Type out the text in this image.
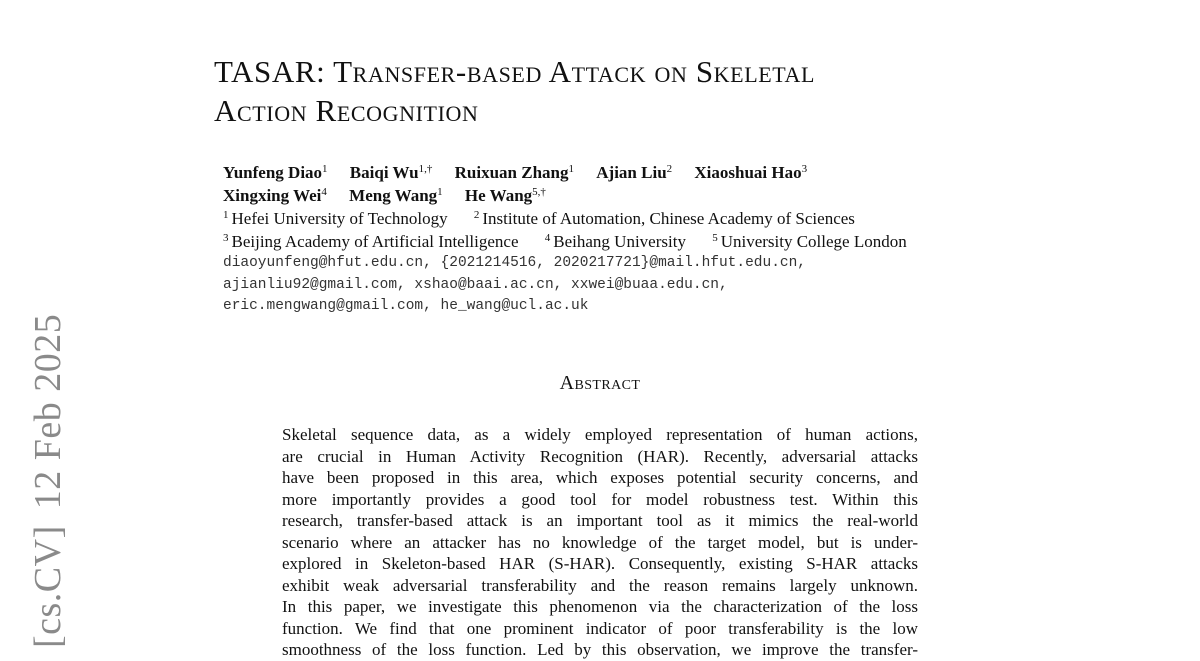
[cs.CV]12 Feb 2025
TASAR: Transfer-based Attack on Skeletal
Action Recognition
Yunfeng Diao$^1$ Baiqi $Wu^{1,\dagger}$ Ruixuan Zhang$^1$ Ajian Liu$^2$ Xiaoshuai Hao$^3$
Xingxing Wei$^4$ Meng Wang$^1$ He Wang$^{5,\dagger}$
$^1$ Hefei University of Technology $^2$ Institute of Automation, Chinese Academy of Sciences
$^3$ Beijing Academy of Artificial Intelligence $^4$ Beihang University $^5$ University College London
diaoyunfeng@hfut.edu.cn, {2021214516, 2020217721}@mail.hfut.edu.cn,
ajianliu92@gmail.com, xshao@baai.ac.cn, xxwei@buaa.edu.cn,
eric.mengwang@gmail.com, he_wang@ucl.ac.uk
Abstract
Skeletal sequence data, as a widely employed representation of human actions,
are crucial in Human Activity Recognition (HAR). Recently, adversarial attacks
have been proposed in this area, which exposes potential security concerns, and
more importantly provides a good tool for model robustness test. Within this
research, transfer-based attack is an important tool as it mimics the real-world
scenario where an attacker has no knowledge of the target model, but is under-
explored in Skeleton-based HAR (S-HAR). Consequently, existing S-HAR attacks
exhibit weak adversarial transferability and the reason remains largely unknown.
In this paper, we investigate this phenomenon via the characterization of the loss
function. We find that one prominent indicator of poor transferability is the low
smoothness of the loss function. Led by this observation, we improve the transfer-
